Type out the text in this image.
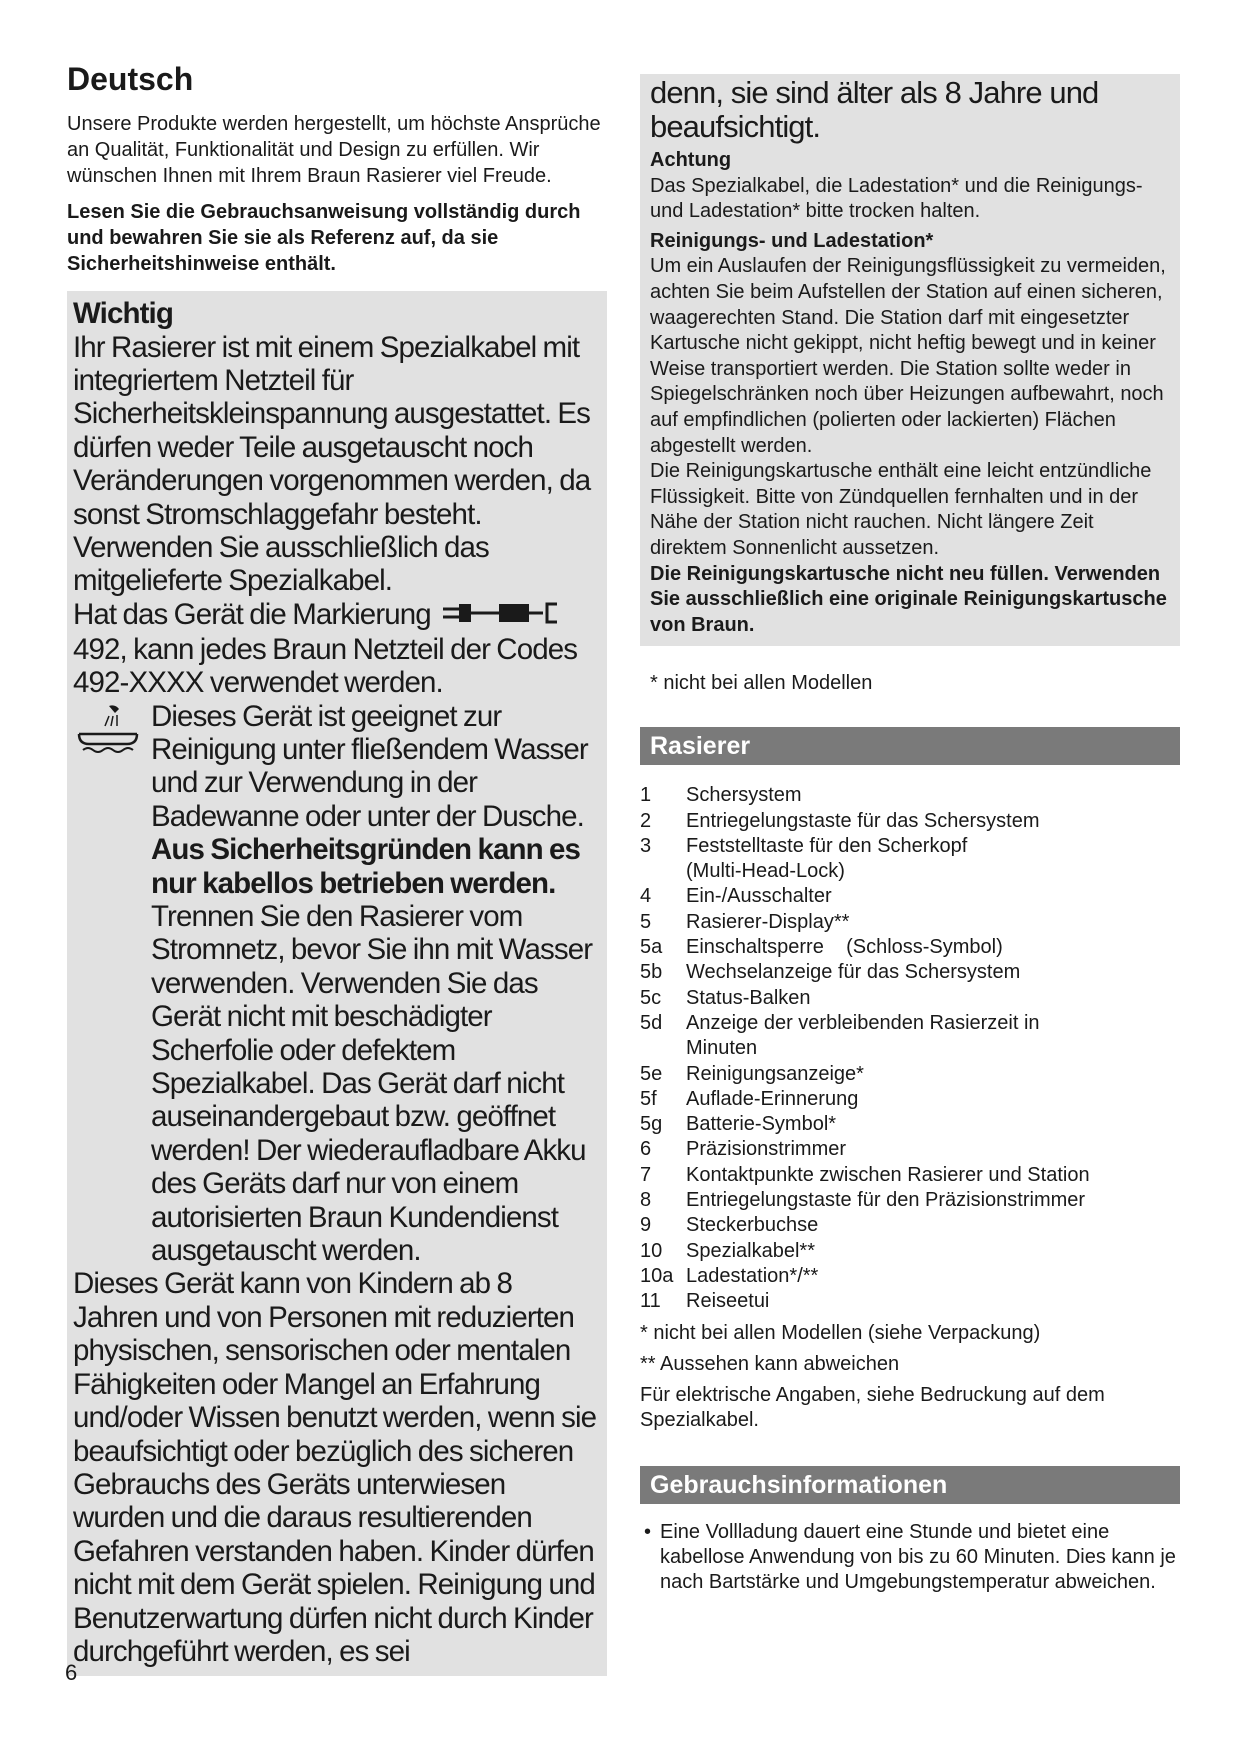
Deutsch

Unsere Produkte werden hergestellt, um höchste Ansprüche an Qualität, Funktionalität und Design zu erfüllen. Wir wünschen Ihnen mit Ihrem Braun Rasierer viel Freude.

Lesen Sie die Gebrauchsanweisung vollständig durch und bewahren Sie sie als Referenz auf, da sie Sicherheitshinweise enthält.

Wichtig

Ihr Rasierer ist mit einem Spezialkabel mit integriertem Netzteil für Sicherheitskleinspannung ausgestattet. Es dürfen weder Teile ausgetauscht noch Veränderungen vorgenommen werden, da sonst Stromschlaggefahr besteht. Verwenden Sie ausschließlich das mitgelieferte Spezialkabel.

Hat das Gerät die Markierung
492, kann jedes Braun Netzteil der Codes 492-XXXX verwendet werden.

Dieses Gerät ist geeignet zur Reinigung unter fließendem Wasser und zur Verwendung in der Badewanne oder unter der Dusche. Aus Sicherheitsgründen kann es nur kabellos betrieben werden. Trennen Sie den Rasierer vom Stromnetz, bevor Sie ihn mit Wasser verwenden. Verwenden Sie das Gerät nicht mit beschädigter Scherfolie oder defektem Spezialkabel. Das Gerät darf nicht auseinandergebaut bzw. geöffnet werden! Der wiederaufladbare Akku des Geräts darf nur von einem autorisierten Braun Kundendienst ausgetauscht werden.

Dieses Gerät kann von Kindern ab 8 Jahren und von Personen mit reduzierten physischen, sensorischen oder mentalen Fähigkeiten oder Mangel an Erfahrung und/oder Wissen benutzt werden, wenn sie beaufsichtigt oder bezüglich des sicheren Gebrauchs des Geräts unterwiesen wurden und die daraus resultierenden Gefahren verstanden haben. Kinder dürfen nicht mit dem Gerät spielen. Reinigung und Benutzerwartung dürfen nicht durch Kinder durchgeführt werden, es sei

denn, sie sind älter als 8 Jahre und beaufsichtigt.

Achtung

Das Spezialkabel, die Ladestation* und die Reinigungs- und Ladestation* bitte trocken halten.

Reinigungs- und Ladestation*

Um ein Auslaufen der Reinigungsflüssigkeit zu vermeiden, achten Sie beim Aufstellen der Station auf einen sicheren, waagerechten Stand. Die Station darf mit eingesetzter Kartusche nicht gekippt, nicht heftig bewegt und in keiner Weise transportiert werden. Die Station sollte weder in Spiegelschränken noch über Heizungen aufbewahrt, noch auf empfindlichen (polierten oder lackierten) Flächen abgestellt werden.

Die Reinigungskartusche enthält eine leicht entzündliche Flüssigkeit. Bitte von Zündquellen fernhalten und in der Nähe der Station nicht rauchen. Nicht längere Zeit direktem Sonnenlicht aussetzen.

Die Reinigungskartusche nicht neu füllen. Verwenden Sie ausschließlich eine originale Reinigungskartusche von Braun.

* nicht bei allen Modellen

Rasierer
1	Schersystem
2	Entriegelungstaste für das Schersystem
3	Feststelltaste für den Scherkopf
(Multi-Head-Lock)
4	Ein-/Ausschalter
5	Rasierer-Display**
5a	Einschaltsperre    (Schloss-Symbol)
5b	Wechselanzeige für das Schersystem
5c	Status-Balken
5d	Anzeige der verbleibenden Rasierzeit in
Minuten
5e	Reinigungsanzeige*
5f	Auflade-Erinnerung
5g	Batterie-Symbol*
6	Präzisionstrimmer
7	Kontaktpunkte zwischen Rasierer und Station
8	Entriegelungstaste für den Präzisionstrimmer
9	Steckerbuchse
10	Spezialkabel**
10a Ladestation*/**
11	Reiseetui

* nicht bei allen Modellen (siehe Verpackung)

** Aussehen kann abweichen

Für elektrische Angaben, siehe Bedruckung auf dem Spezialkabel.

Gebrauchsinformationen
• Eine Vollladung dauert eine Stunde und bietet eine kabellose Anwendung von bis zu 60 Minuten. Dies kann je nach Bartstärke und Umgebungstemperatur abweichen.
6
